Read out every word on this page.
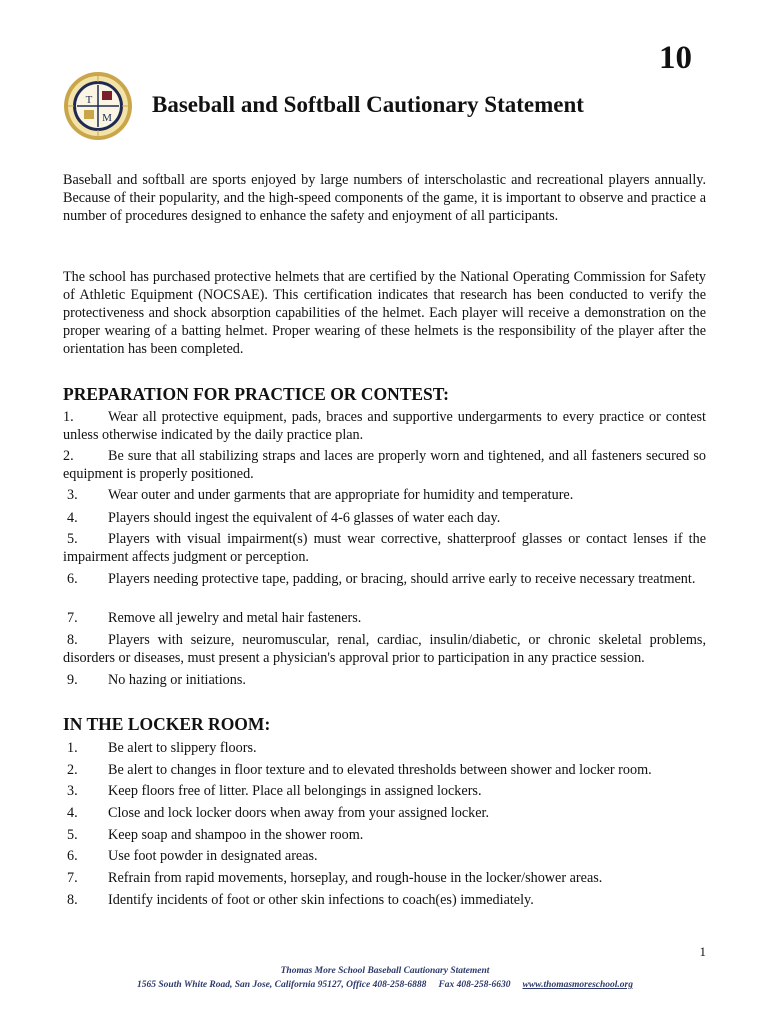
10
T
M
Baseball and Softball Cautionary Statement

Baseball and softball are sports enjoyed by large numbers of interscholastic and recreational players annually. Because of their popularity, and the high-speed components of the game, it is important to observe and practice a number of procedures designed to enhance the safety and enjoyment of all participants.

The school has purchased protective helmets that are certified by the National Operating Commission for Safety of Athletic Equipment (NOCSAE). This certification indicates that research has been conducted to verify the protectiveness and shock absorption capabilities of the helmet. Each player will receive a demonstration on the proper wearing of a batting helmet. Proper wearing of these helmets is the responsibility of the player after the orientation has been completed.

PREPARATION FOR PRACTICE OR CONTEST:
1. Wear all protective equipment, pads, braces and supportive undergarments to every practice or contest unless otherwise indicated by the daily practice plan.
2. Be sure that all stabilizing straps and laces are properly worn and tightened, and all fasteners secured so equipment is properly positioned.
3. Wear outer and under garments that are appropriate for humidity and temperature.
4. Players should ingest the equivalent of 4-6 glasses of water each day.
5. Players with visual impairment(s) must wear corrective, shatterproof glasses or contact lenses if the impairment affects judgment or perception.
6. Players needing protective tape, padding, or bracing, should arrive early to receive necessary treatment.
7. Remove all jewelry and metal hair fasteners.
8. Players with seizure, neuromuscular, renal, cardiac, insulin/diabetic, or chronic skeletal problems, disorders or diseases, must present a physician's approval prior to participation in any practice session.
9. No hazing or initiations.
IN THE LOCKER ROOM:
1. Be alert to slippery floors.
2. Be alert to changes in floor texture and to elevated thresholds between shower and locker room.
3. Keep floors free of litter. Place all belongings in assigned lockers.
4. Close and lock locker doors when away from your assigned locker.
5. Keep soap and shampoo in the shower room.
6. Use foot powder in designated areas.
7. Refrain from rapid movements, horseplay, and rough-house in the locker/shower areas.
8. Identify incidents of foot or other skin infections to coach(es) immediately.
1
Thomas More School Baseball Cautionary Statement
1565 South White Road, San Jose, California 95127, Office 408-258-6888 Fax 408-258-6630 www.thomasmoreschool.org
